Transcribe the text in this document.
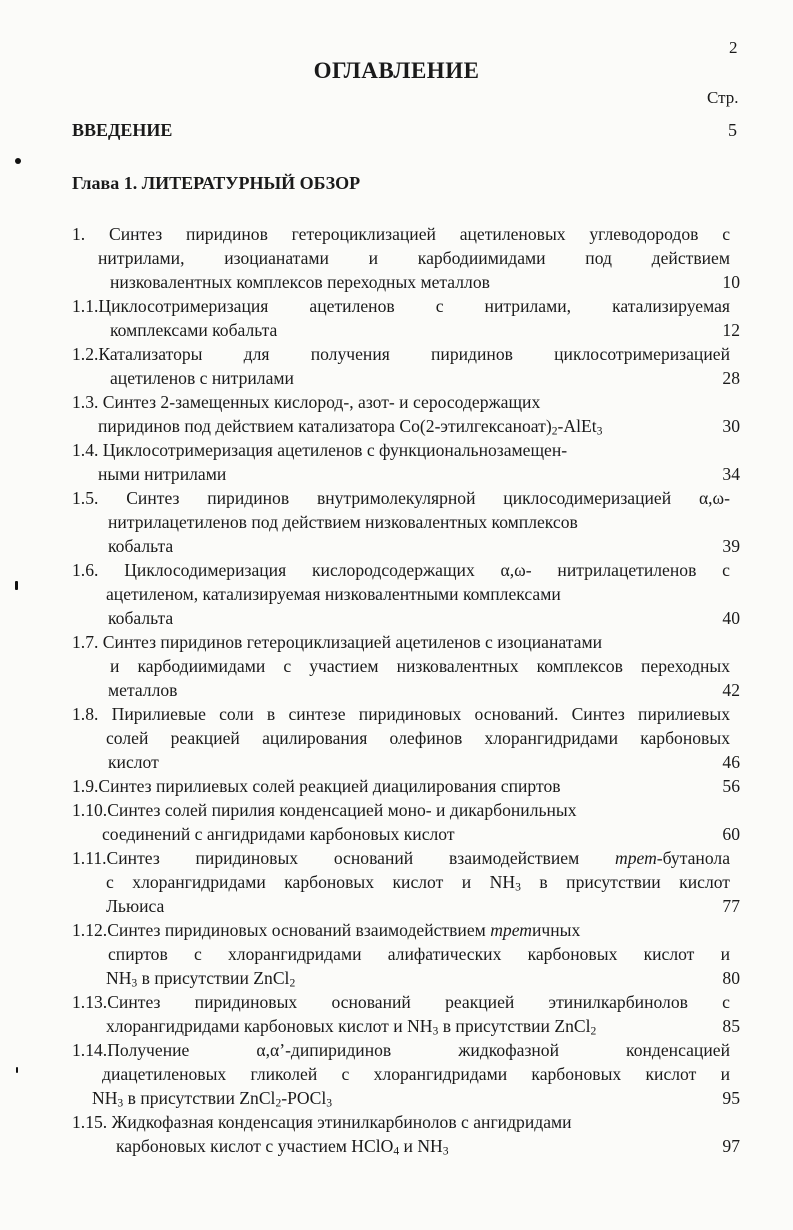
2
ОГЛАВЛЕНИЕ
Стр.
ВВЕДЕНИЕ	5
Глава 1. ЛИТЕРАТУРНЫЙ ОБЗОР
1. Синтез пиридинов гетероциклизацией ацетиленовых углеводородов с
нитрилами, изоцианатами и карбодиимидами под действием
низковалентных комплексов переходных металлов	10
1.1.Циклосотримеризация ацетиленов с нитрилами, катализируемая
комплексами кобальта	12
1.2.Катализаторы для получения пиридинов циклосотримеризацией
ацетиленов с нитрилами	28
1.3. Синтез 2-замещенных кислород-, азот- и серосодержащих
пиридинов под действием катализатора $Co(2-этилгексаноат)_2-AlEt_3$	30
1.4. Циклосотримеризация ацетиленов с функциональнозамещен-
ными нитрилами	34
1.5. Синтез пиридинов внутримолекулярной циклосодимеризацией α,ω-
нитрилацетиленов под действием низковалентных комплексов
кобальта	39
1.6. Циклосодимеризация кислородсодержащих α,ω- нитрилацетиленов с
ацетиленом, катализируемая низковалентными комплексами
кобальта	40
1.7. Синтез пиридинов гетероциклизацией ацетиленов с изоцианатами
и карбодиимидами с участием низковалентных комплексов переходных
металлов	42
1.8. Пирилиевые соли в синтезе пиридиновых оснований. Синтез пирилиевых
солей реакцией ацилирования олефинов хлорангидридами карбоновых
кислот	46
1.9.Синтез пирилиевых солей реакцией диацилирования спиртов	56
1.10.Синтез солей пирилия конденсацией моно- и дикарбонильных
соединений с ангидридами карбоновых кислот	60
1.11.Синтез пиридиновых оснований взаимодействием трет-бутанола
с хлорангидридами карбоновых кислот и $NH_3$ в присутствии кислот
Льюиса	77
1.12.Синтез пиридиновых оснований взаимодействием третичных
спиртов с хлорангидридами алифатических карбоновых кислот и
$NH_3$ в присутствии ZnCl$_2$	80
1.13.Синтез пиридиновых оснований реакцией этинилкарбинолов с
хлорангидридами карбоновых кислот и $NH_3$ в присутствии ZnCl$_2$	85
1.14.Получение α,α’-дипиридинов жидкофазной конденсацией
диацетиленовых гликолей с хлорангидридами карбоновых кислот и
$NH_3$ в присутствии ZnCl$_2$-POCl$_3$	95
1.15. Жидкофазная конденсация этинилкарбинолов с ангидридами
карбоновых кислот с участием HClO$_4$ и $NH_3$	97
